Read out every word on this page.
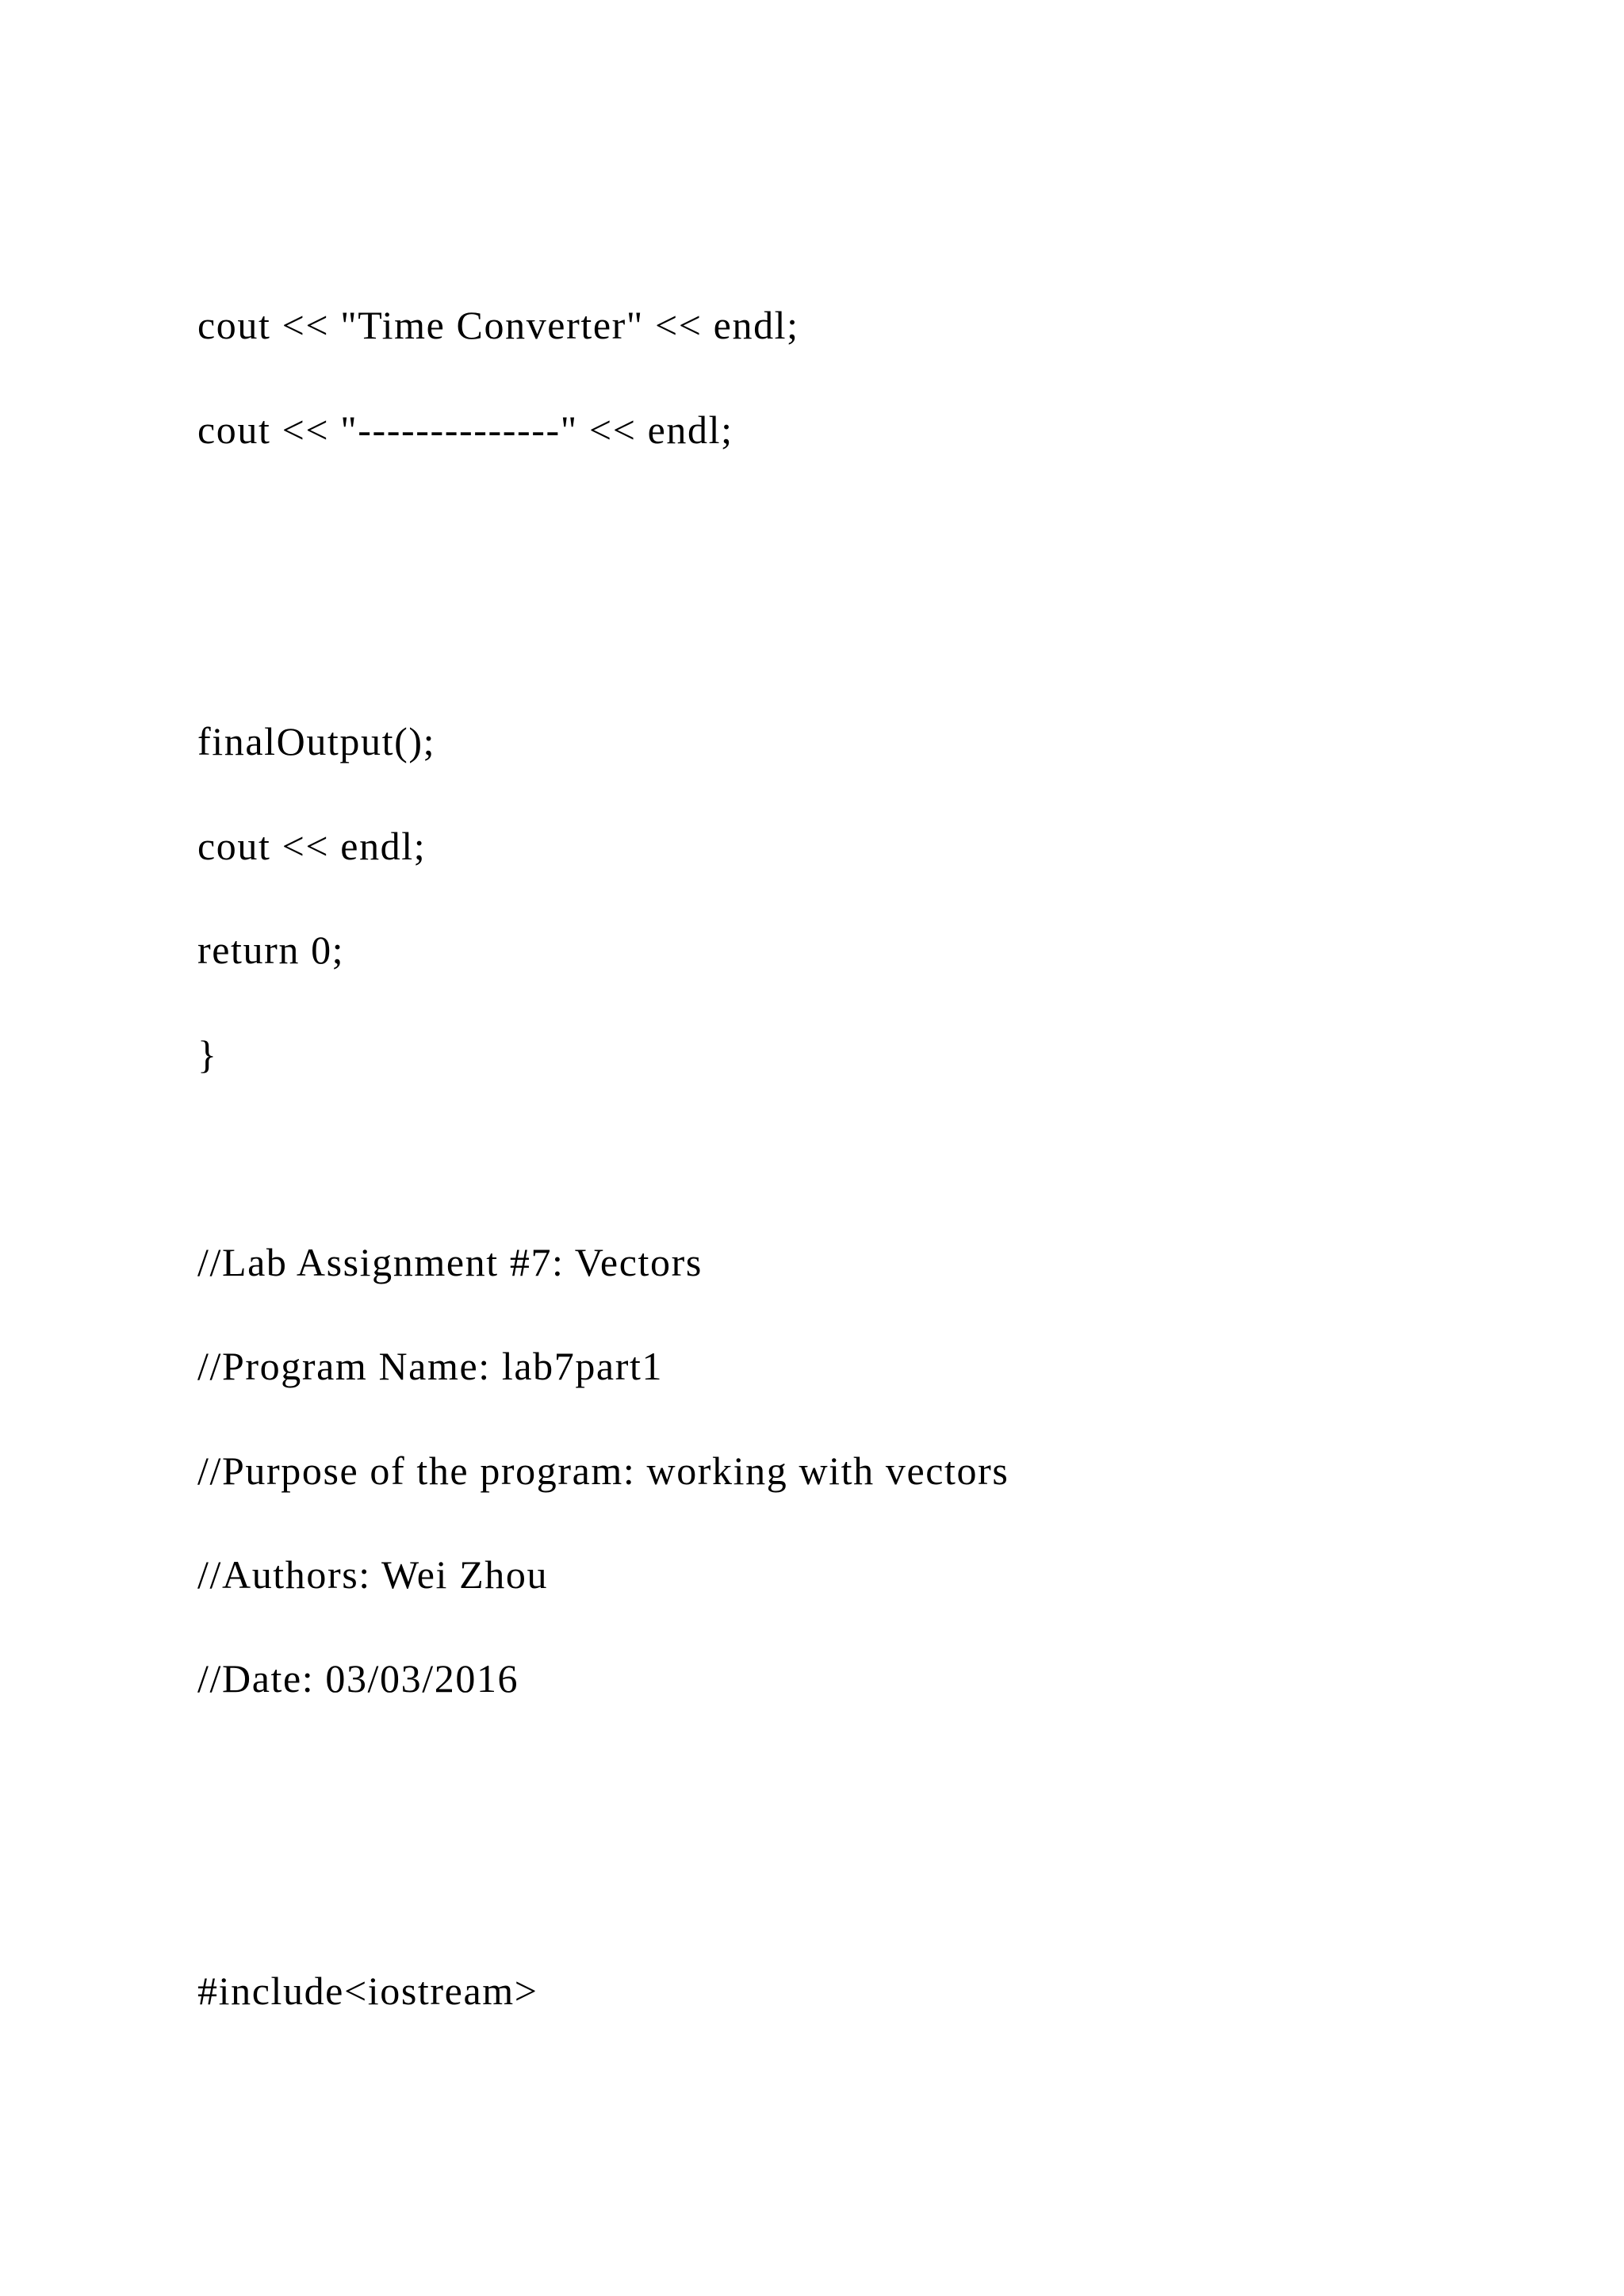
cout << "Time Converter" << endl;
cout << "--------------" << endl;
finalOutput();
cout << endl;
return 0;
}
//Lab Assignment #7: Vectors
//Program Name: lab7part1
//Purpose of the program: working with vectors
//Authors: Wei Zhou
//Date: 03/03/2016
#include<iostream>
